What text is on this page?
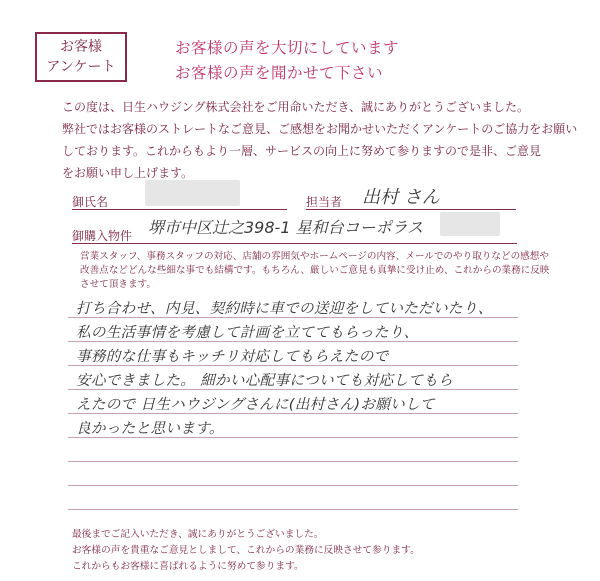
お客様
アンケート
お客様の声を大切にしています
お客様の声を聞かせて下さい
この度は、日生ハウジング株式会社をご用命いただき、誠にありがとうございました。
弊社ではお客様のストレートなご意見、ご感想をお聞かせいただくアンケートのご協力をお願い
しております。これからもより一層、サービスの向上に努めて参りますので是非、ご意見
をお願い申し上げます。
御氏名	担当者 出村 さん
御購入物件 堺市中区辻之398-1 星和台コーポラス
営業スタッフ、事務スタッフの対応、店舗の雰囲気やホームページの内容、メールでのやり取りなどの感想や
改善点などどんな些細な事でも結構です。もちろん、厳しいご意見も真摯に受け止め、これからの業務に反映
させて頂きます。
打ち合わせ、内見、契約時に車での送迎をしていただいたり、
私の生活事情を考慮して計画を立ててもらったり、
事務的な仕事もキッチリ対応してもらえたので
安心できました。 細かい心配事についても対応してもら
えたので 日生ハウジングさんに(出村さん)お願いして
良かったと思います。
最後までご記入いただき、誠にありがとうございました。
お客様の声を貴重なご意見としまして、これからの業務に反映させて参ります。
これからもお客様に喜ばれるように努めて参ります。
